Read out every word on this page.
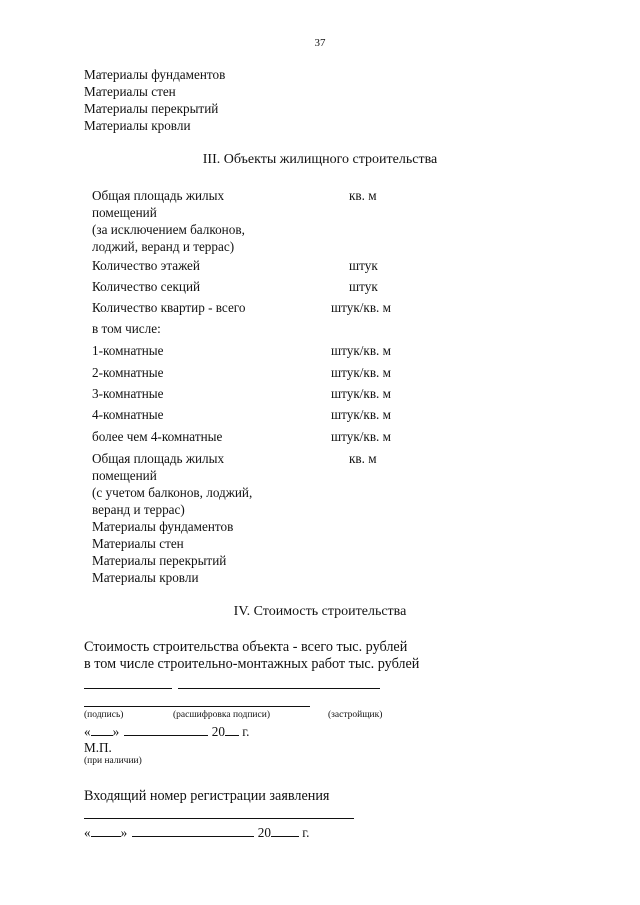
37
Материалы фундаментов
Материалы стен
Материалы перекрытий
Материалы кровли
III. Объекты жилищного строительства
Общая площадь жилых
помещений
(за исключением балконов,
лоджий, веранд и террас)
кв. м
Количество этажей	штук
Количество секций	штук
Количество квартир - всего	штук/кв. м
в том числе:
1-комнатные	штук/кв. м
2-комнатные	штук/кв. м
3-комнатные	штук/кв. м
4-комнатные	штук/кв. м
более чем 4-комнатные	штук/кв. м
Общая площадь жилых
помещений
(с учетом балконов, лоджий,
веранд и террас)
кв. м
Материалы фундаментов
Материалы стен
Материалы перекрытий
Материалы кровли
IV. Стоимость строительства
Стоимость строительства объекта - всего тыс. рублей
в том числе строительно-монтажных работ тыс. рублей
(подпись)	(расшифровка подписи)	(застройщик)
« »	20 г.
М.П.
(при наличии)
Входящий номер регистрации заявления
« »	20 г.
